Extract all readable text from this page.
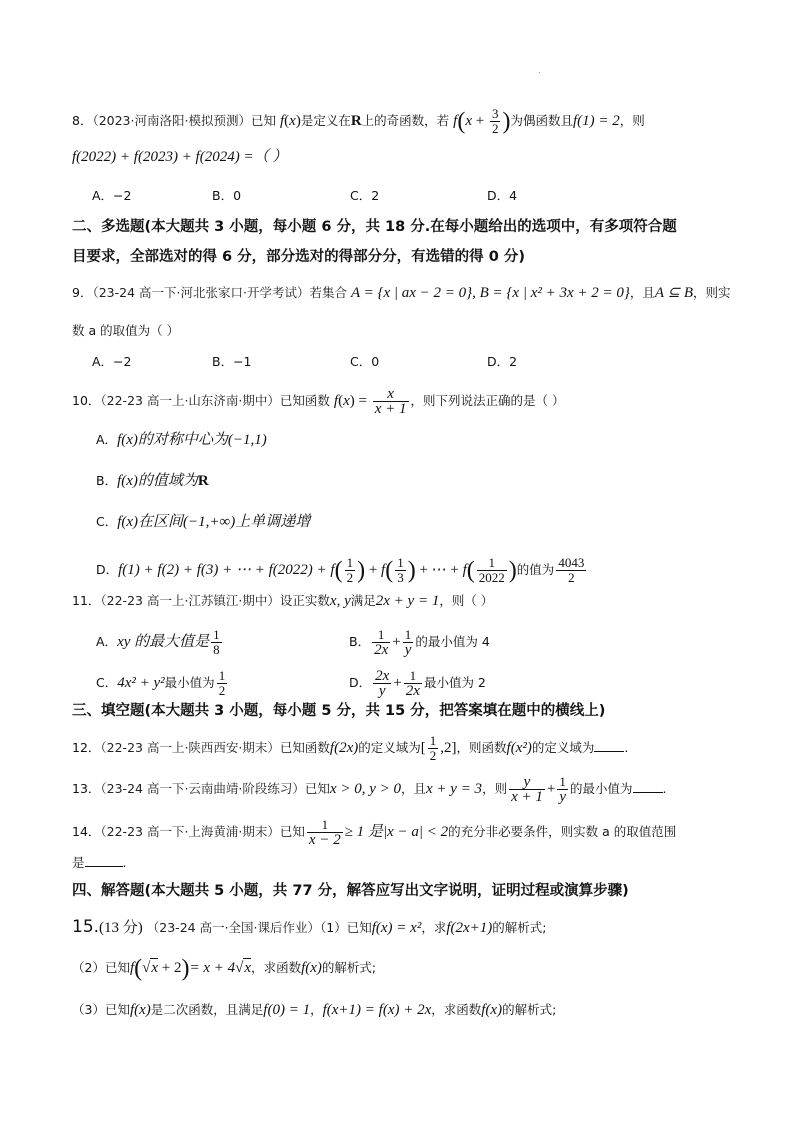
.
8．（2023·河南洛阳·模拟预测）已知 f(x)是定义在R上的奇函数，若 $f(x + \frac{3}{2}$ )为偶函数且f(1) = 2，则
f(2022) + f(2023) + f(2024) =（ ）
A．−2	B．0	C．2	D．4
二、多选题(本大题共 3 小题，每小题 6 分，共 18 分.在每小题给出的选项中，有多项符合题
目要求，全部选对的得 6 分，部分选对的得部分分，有选错的得 0 分)
9．（23-24 高一下·河北张家口·开学考试）若集合 A = {x | ax − 2 = 0}, B = {x | x² + 3x + 2 = 0}，且A ⊆ B，则实
数 a 的取值为（ ）
A．−2	B．−1	C．0	D．2
10．（22-23 高一上·山东济南·期中）已知函数 $f(x) = \frac{x}{x + 1}$ ，则下列说法正确的是（ ）
A．f(x)的对称中心为(−1,1)
B．f(x)的值域为R
C．f(x)在区间(−1,+∞)上单调递增
D．f(1) + f(2) + f(3) + ⋯ + $f(2022) + f( \frac{1}{2}$ ) + $f( \frac{1}{3}$ ) + ⋯ + $f( \frac{1}{2022}$ )的值为 $\frac{4043}{2}$
11．（22-23 高一上·江苏镇江·期中）设正实数x, y满足2x + y = 1，则（ ）
A．xy 的最大值是 $\frac{1}{8}$	B． $\frac{1}{2x} + \frac{1}{y}$ 的最小值为 4
C．4x² + y²最小值为 $\frac{1}{2}$	D． $\frac{2x}{y} + \frac{1}{2x}$ 最小值为 2
三、填空题(本大题共 3 小题，每小题 5 分，共 15 分，把答案填在题中的横线上)
12．（22-23 高一上·陕西西安·期末）已知函数f(2x)的定义域为[ $\frac{1}{2} ,2$]，则函数f(x²)的定义域为 .
13．（23-24 高一下·云南曲靖·阶段练习）已知x > 0, y > 0，且x + y = 3，则 $\frac{y}{x + 1} + \frac{1}{y}$ 的最小值为 .
14．（22-23 高一下·上海黄浦·期末）已知 $\frac{1}{x - 2} \ge 1$ 是|x − a| < 2的充分非必要条件，则实数 a 的取值范围
是	.
四、解答题(本大题共 5 小题，共 77 分，解答应写出文字说明，证明过程或演算步骤)
15.(13 分) （23-24 高一·全国·课后作业）（1）已知f(x) = x²，求f(2x+1)的解析式;
（2）已知f(√x + 2)= x + 4√x，求函数f(x)的解析式;
（3）已知f(x)是二次函数，且满足f(0) = 1，f(x+1) = f(x) + 2x，求函数f(x)的解析式;
